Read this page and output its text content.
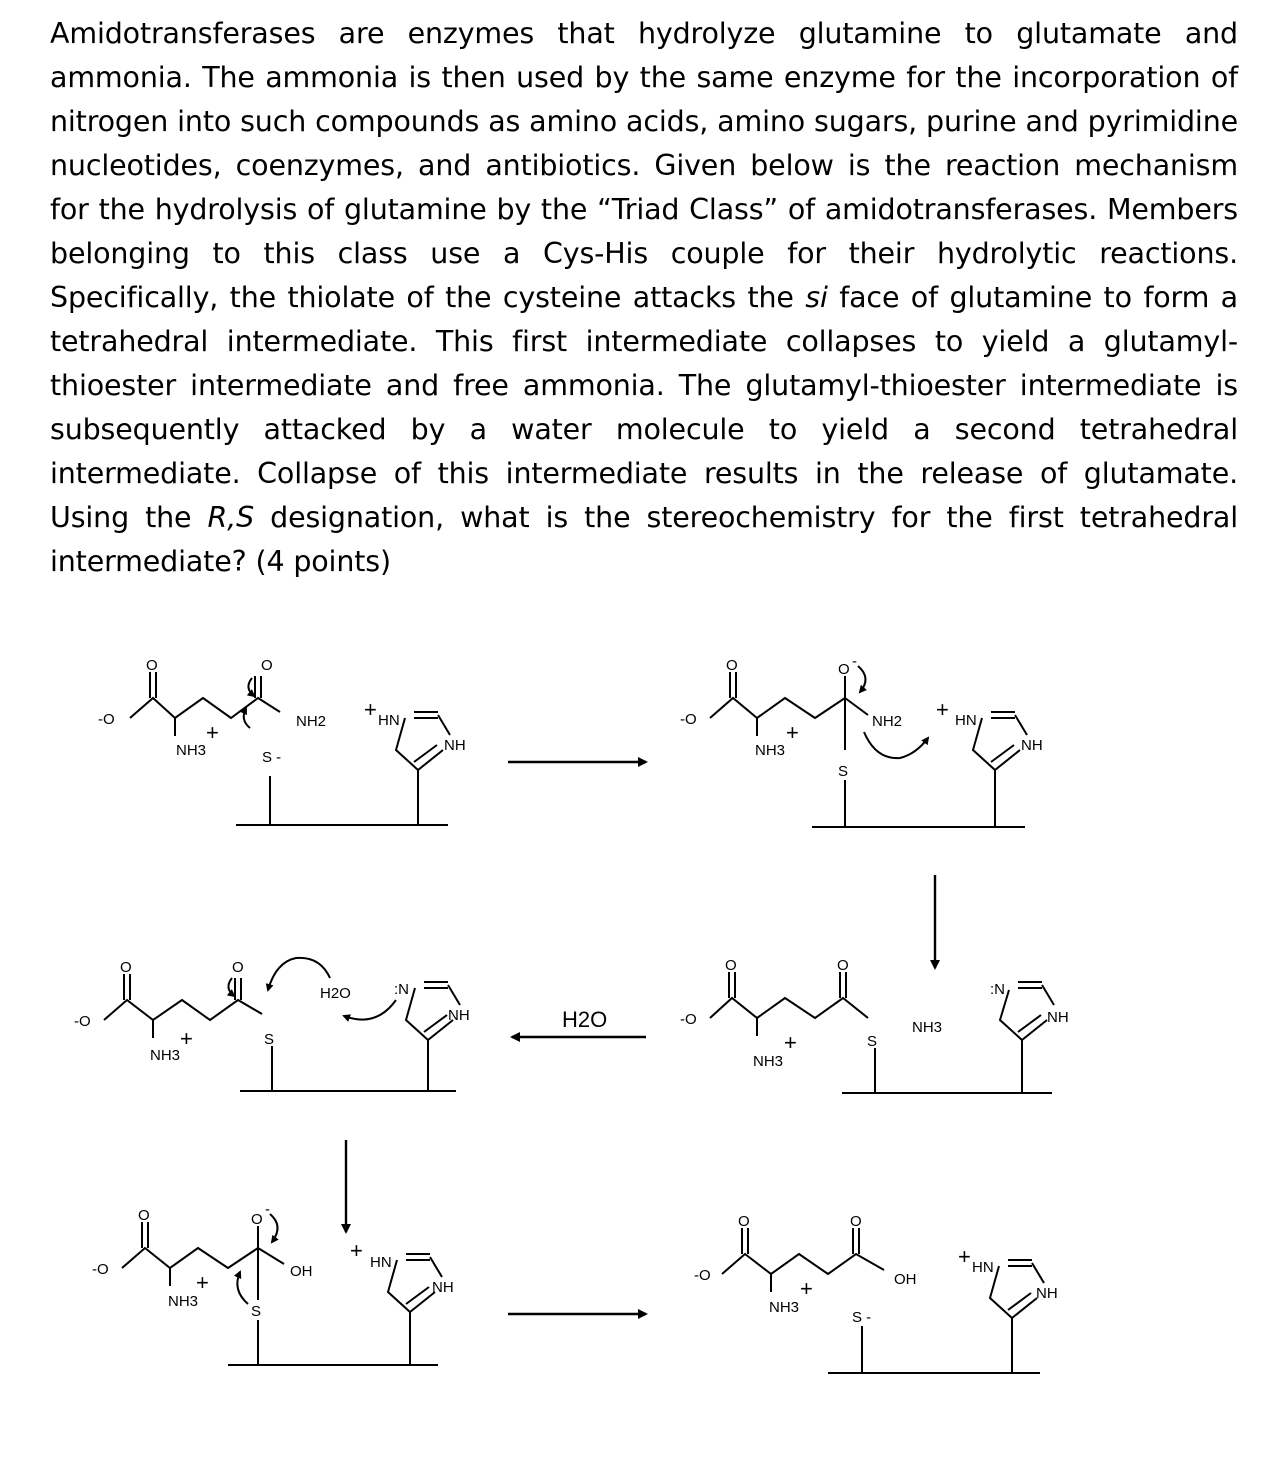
Amidotransferases are enzymes that hydrolyze glutamine to glutamate and ammonia. The ammonia is then used by the same enzyme for the incorporation of nitrogen into such compounds as amino acids, amino sugars, purine and pyrimidine nucleotides, coenzymes, and antibiotics. Given below is the reaction mechanism for the hydrolysis of glutamine by the “Triad Class” of amidotransferases. Members belonging to this class use a Cys-His couple for their hydrolytic reactions. Specifically, the thiolate of the cysteine attacks the si face of glutamine to form a tetrahedral intermediate. This first intermediate collapses to yield a glutamyl-thioester intermediate and free ammonia. The glutamyl-thioester intermediate is subsequently attacked by a water molecule to yield a second tetrahedral intermediate. Collapse of this intermediate results in the release of glutamate. Using the R,S designation, what is the stereochemistry for the first tetrahedral intermediate? (4 points)

O	O
-O
NH3
+	NH2
S -
+ HN
NH
O	O -
-O
NH3
+	NH2
S
+ HN
NH
O	O
-O
NH3
+	S
NH3
:N
NH
H2O
O	O
-O
NH3
+	S
H2O	:N
NH
O	O
-
-O
NH3
+	OH
S
+ HN
NH
O	O
-O
NH3
+	OH
S -
+ HN
NH
